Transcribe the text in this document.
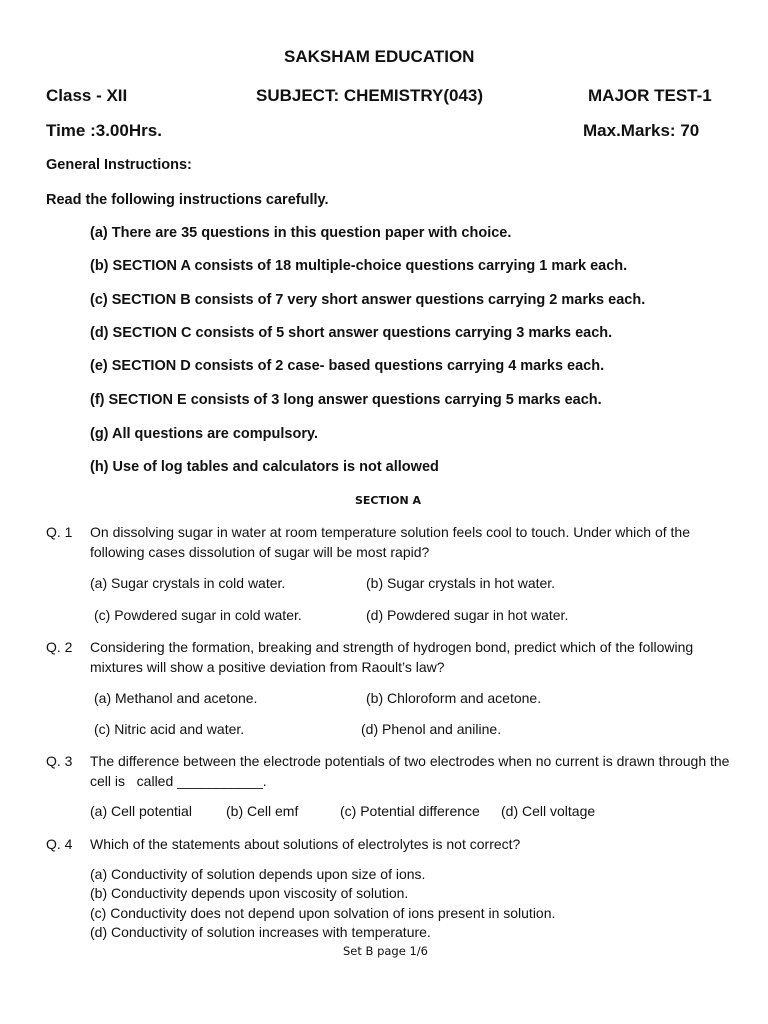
SAKSHAM EDUCATION
Class - XII	SUBJECT: CHEMISTRY(043)	MAJOR TEST-1
Time :3.00Hrs.	Max.Marks: 70
General Instructions:
Read the following instructions carefully.
(a) There are 35 questions in this question paper with choice.
(b) SECTION A consists of 18 multiple-choice questions carrying 1 mark each.
(c) SECTION B consists of 7 very short answer questions carrying 2 marks each.
(d) SECTION C consists of 5 short answer questions carrying 3 marks each.
(e) SECTION D consists of 2 case- based questions carrying 4 marks each.
(f) SECTION E consists of 3 long answer questions carrying 5 marks each.
(g) All questions are compulsory.
(h) Use of log tables and calculators is not allowed
SECTION A
Q. 1 On dissolving sugar in water at room temperature solution feels cool to touch. Under which of the following cases dissolution of sugar will be most rapid?
(a) Sugar crystals in cold water.	(b) Sugar crystals in hot water.
(c) Powdered sugar in cold water.	(d) Powdered sugar in hot water.
Q. 2 Considering the formation, breaking and strength of hydrogen bond, predict which of the following mixtures will show a positive deviation from Raoult’s law?
(a) Methanol and acetone.	(b) Chloroform and acetone.
(c) Nitric acid and water.	(d) Phenol and aniline.
Q. 3 The difference between the electrode potentials of two electrodes when no current is drawn through the cell is   called ___________.
(a) Cell potential (b) Cell emf	(c) Potential difference (d) Cell voltage
Q. 4 Which of the statements about solutions of electrolytes is not correct?
(a) Conductivity of solution depends upon size of ions.
(b) Conductivity depends upon viscosity of solution.
(c) Conductivity does not depend upon solvation of ions present in solution.
(d) Conductivity of solution increases with temperature.
Set B page 1/6
